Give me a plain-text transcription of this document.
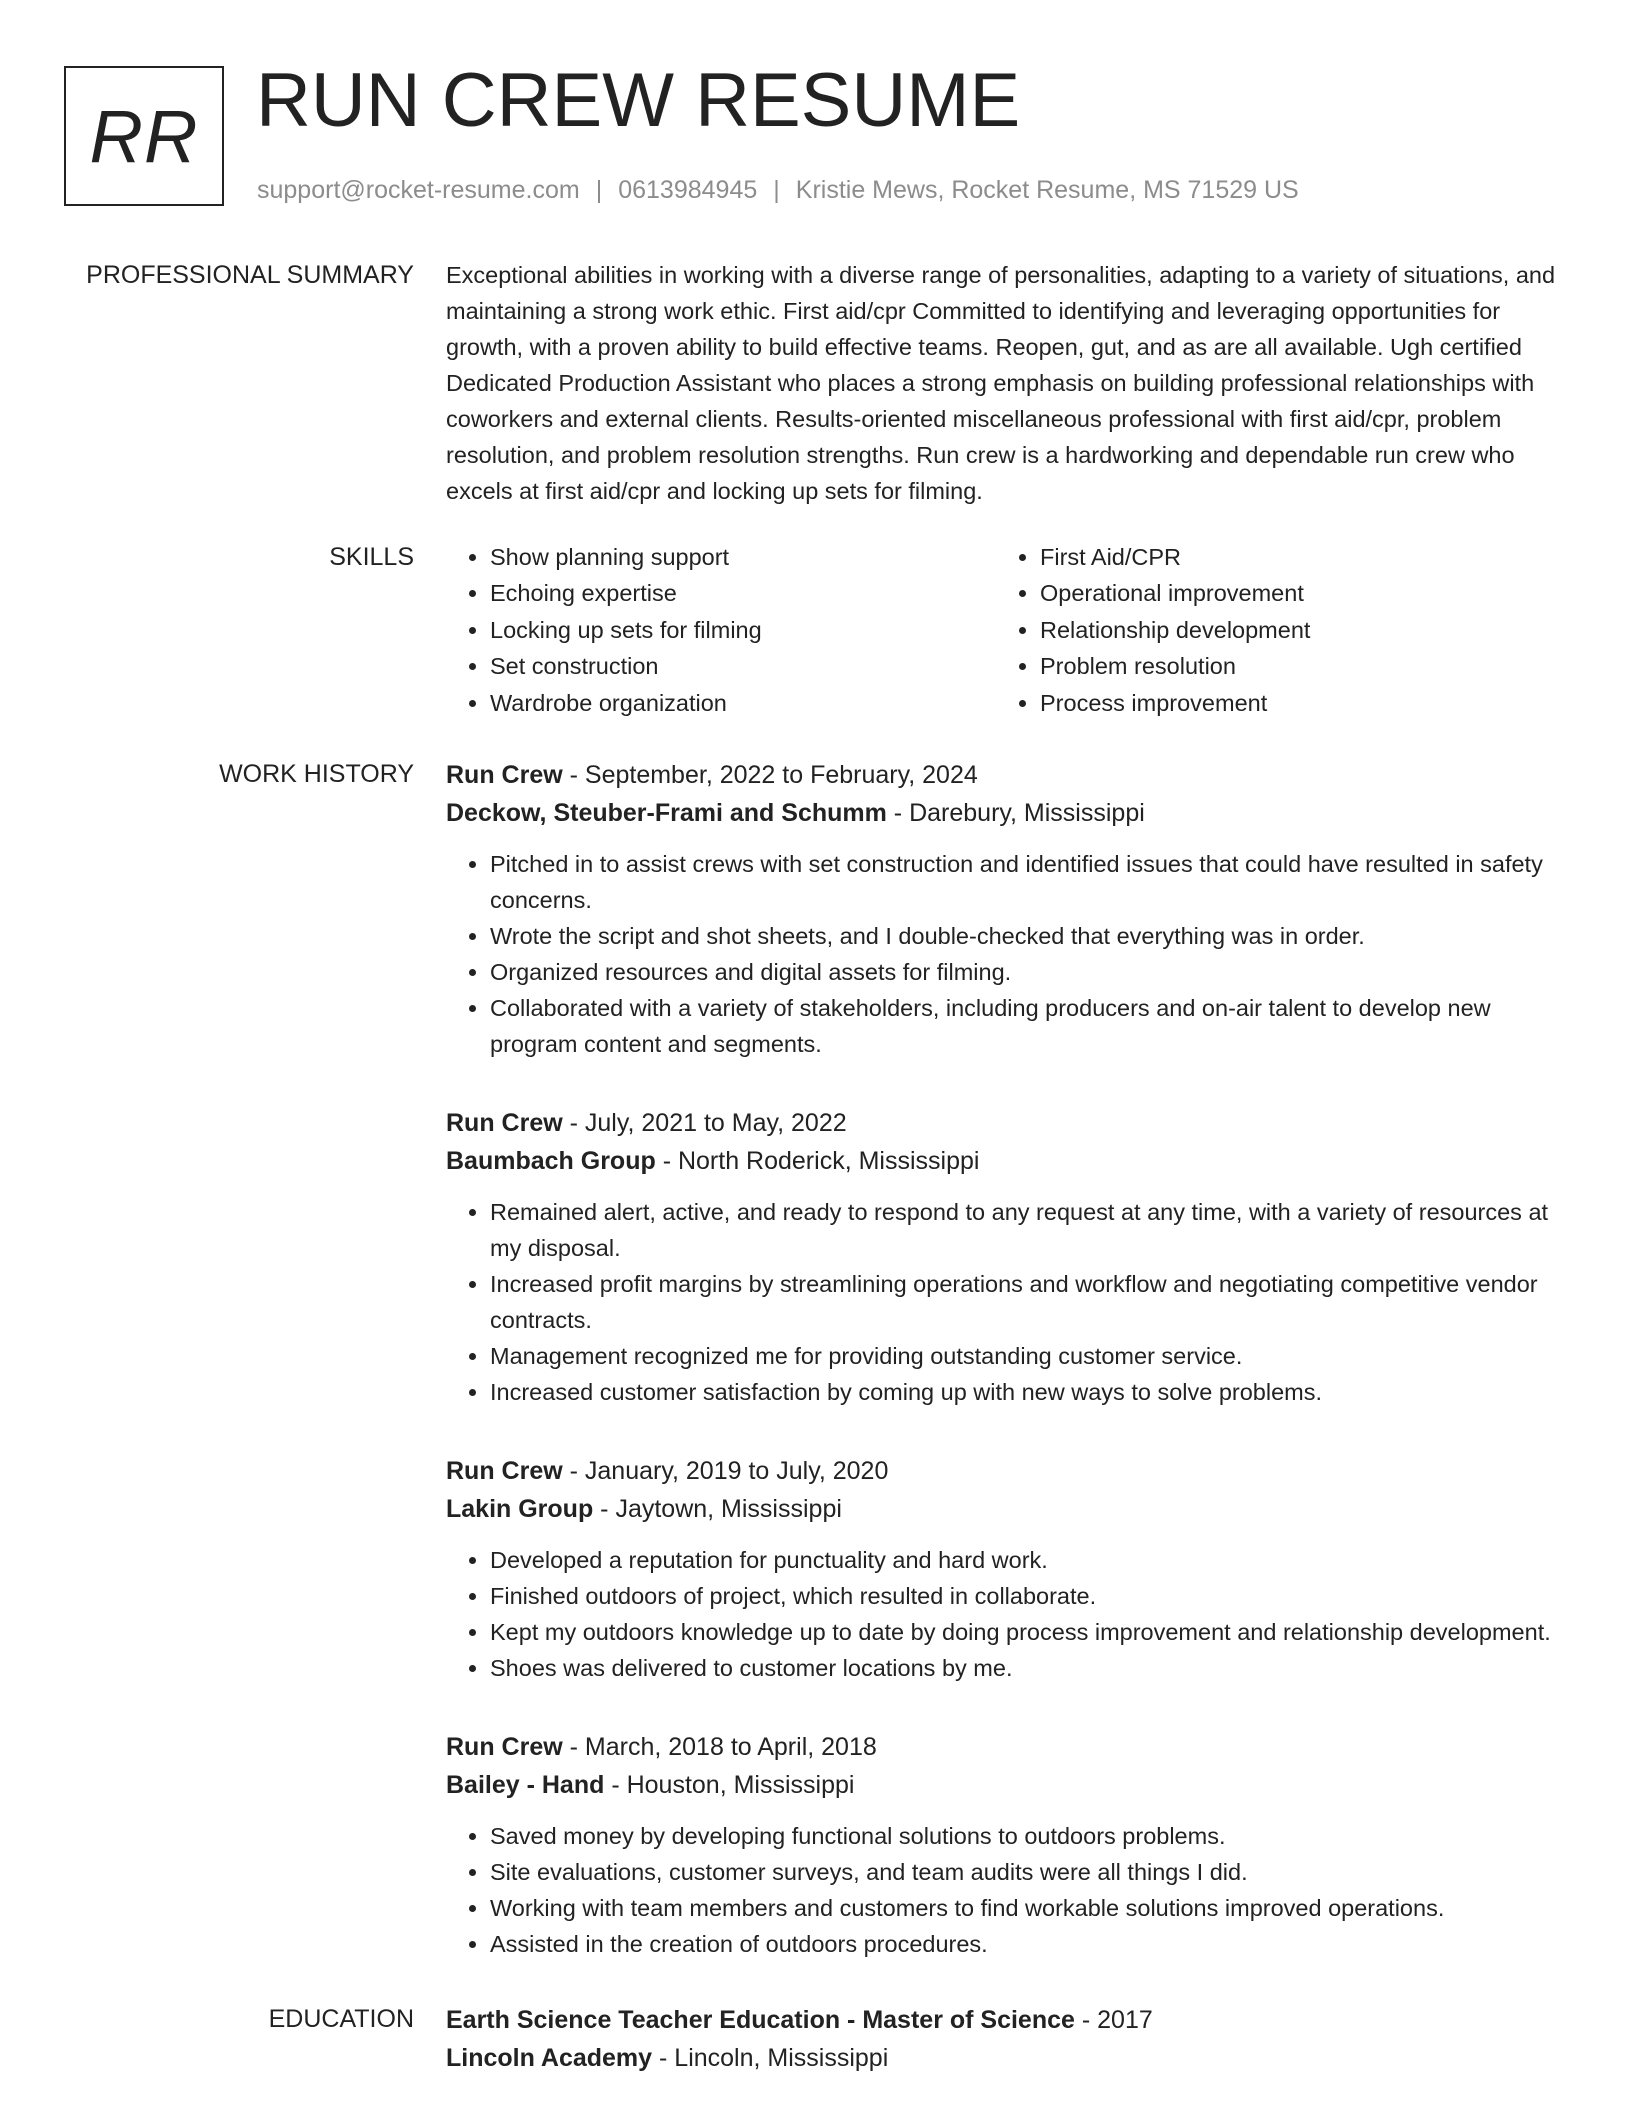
RR RUN CREW RESUME
support@rocket-resume.com | 0613984945 | Kristie Mews, Rocket Resume, MS 71529 US
PROFESSIONAL SUMMARY Exceptional abilities in working with a diverse range of personalities, adapting to a variety of situations, and maintaining a strong work ethic. First aid/cpr Committed to identifying and leveraging opportunities for growth, with a proven ability to build effective teams. Reopen, gut, and as are all available. Ugh certified Dedicated Production Assistant who places a strong emphasis on building professional relationships with coworkers and external clients. Results-oriented miscellaneous professional with first aid/cpr, problem resolution, and problem resolution strengths. Run crew is a hardworking and dependable run crew who excels at first aid/cpr and locking up sets for filming.

SKILLS
•	Show planning support
• Echoing expertise
• Locking up sets for filming
• Set construction
• Wardrobe organization
• First Aid/CPR
• Operational improvement
• Relationship development
• Problem resolution
• Process improvement
WORK HISTORY Run Crew - September, 2022 to February, 2024
Deckow, Steuber-Frami and Schumm - Darebury, Mississippi
• Pitched in to assist crews with set construction and identified issues that could have resulted in safety concerns.
• Wrote the script and shot sheets, and I double-checked that everything was in order.
• Organized resources and digital assets for filming.
• Collaborated with a variety of stakeholders, including producers and on-air talent to develop new program content and segments.
Run Crew - July, 2021 to May, 2022
Baumbach Group - North Roderick, Mississippi
• Remained alert, active, and ready to respond to any request at any time, with a variety of resources at my disposal.
• Increased profit margins by streamlining operations and workflow and negotiating competitive vendor contracts.
• Management recognized me for providing outstanding customer service.
• Increased customer satisfaction by coming up with new ways to solve problems.
Run Crew - January, 2019 to July, 2020
Lakin Group - Jaytown, Mississippi
• Developed a reputation for punctuality and hard work.
• Finished outdoors of project, which resulted in collaborate.
• Kept my outdoors knowledge up to date by doing process improvement and relationship development.
• Shoes was delivered to customer locations by me.
Run Crew - March, 2018 to April, 2018
Bailey - Hand - Houston, Mississippi
• Saved money by developing functional solutions to outdoors problems.
• Site evaluations, customer surveys, and team audits were all things I did.
• Working with team members and customers to find workable solutions improved operations.
• Assisted in the creation of outdoors procedures.
EDUCATION Earth Science Teacher Education - Master of Science - 2017
Lincoln Academy - Lincoln, Mississippi
